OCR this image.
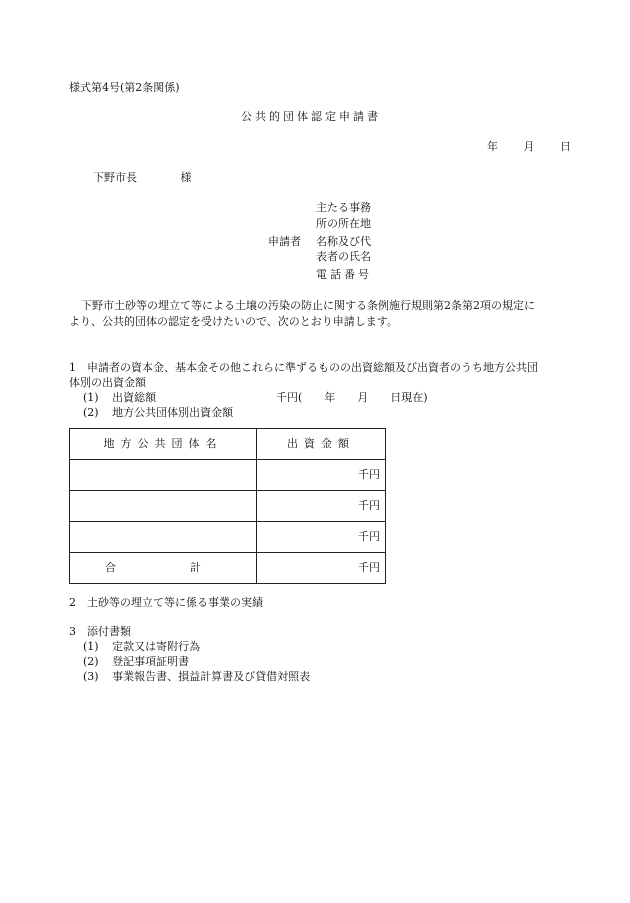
様式第4号(第2条関係)
公共的団体認定申請書
年 月 日
下野市長	様
主たる事務
所の所在地
申請者 名称及び代
表者の氏名
電話番号
下野市土砂等の埋立て等による土壌の汚染の防止に関する条例施行規則第2条第2項の規定に
より、公共的団体の認定を受けたいので、次のとおり申請します。
1　申請者の資本金、基本金その他これらに準ずるものの出資総額及び出資者のうち地方公共団
体別の出資金額
(1) 出資総額	千円(　　年　　月　　日現在)
(2) 地方公共団体別出資金額
地方公共団体名	出資金額
	千円
	千円
	千円
合 計	千円
2　土砂等の埋立て等に係る事業の実績
3　添付書類
(1) 定款又は寄附行為
(2) 登記事項証明書
(3) 事業報告書、損益計算書及び貸借対照表
